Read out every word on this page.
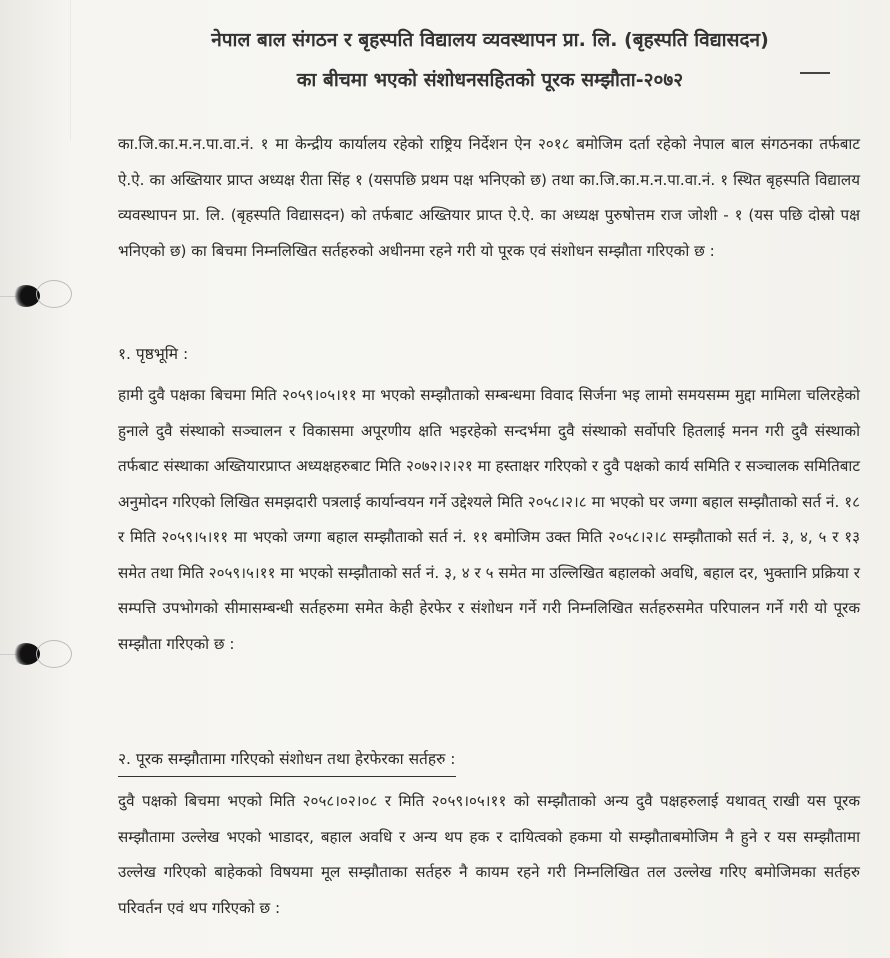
नेपाल बाल संगठन र बृहस्पति विद्यालय व्यवस्थापन प्रा. लि. (बृहस्पति विद्यासदन)
का बीचमा भएको संशोधनसहितको पूरक सम्झौता-२०७२
का.जि.का.म.न.पा.वा.नं. १ मा केन्द्रीय कार्यालय रहेको राष्ट्रिय निर्देशन ऐन २०१८ बमोजिम दर्ता रहेको नेपाल बाल संगठनका तर्फबाट ऐ.ऐ. का अख्तियार प्राप्त अध्यक्ष रीता सिंह १ (यसपछि प्रथम पक्ष भनिएको छ) तथा का.जि.का.म.न.पा.वा.नं. १ स्थित बृहस्पति विद्यालय व्यवस्थापन प्रा. लि. (बृहस्पति विद्यासदन) को तर्फबाट अख्तियार प्राप्त ऐ.ऐ. का अध्यक्ष पुरुषोत्तम राज जोशी - १ (यस पछि दोस्रो पक्ष भनिएको छ) का बिचमा निम्नलिखित सर्तहरुको अधीनमा रहने गरी यो पूरक एवं संशोधन सम्झौता गरिएको छ :
१. पृष्ठभूमि :
हामी दुवै पक्षका बिचमा मिति २०५९।०५।११ मा भएको सम्झौताको सम्बन्धमा विवाद सिर्जना भइ लामो समयसम्म मुद्दा मामिला चलिरहेको हुनाले दुवै संस्थाको सञ्चालन र विकासमा अपूरणीय क्षति भइरहेको सन्दर्भमा दुवै संस्थाको सर्वोपरि हितलाई मनन गरी दुवै संस्थाको तर्फबाट संस्थाका अख्तियारप्राप्त अध्यक्षहरुबाट मिति २०७२।२।२१ मा हस्ताक्षर गरिएको र दुवै पक्षको कार्य समिति र सञ्चालक समितिबाट अनुमोदन गरिएको लिखित समझदारी पत्रलाई कार्यान्वयन गर्ने उद्देश्यले मिति २०५८।२।८ मा भएको घर जग्गा बहाल सम्झौताको सर्त नं. १८ र मिति २०५९।५।११ मा भएको जग्गा बहाल सम्झौताको सर्त नं. ११ बमोजिम उक्त मिति २०५८।२।८ सम्झौताको सर्त नं. ३, ४, ५ र १३ समेत तथा मिति २०५९।५।११ मा भएको सम्झौताको सर्त नं. ३, ४ र ५ समेत मा उल्लिखित बहालको अवधि, बहाल दर, भुक्तानि प्रक्रिया र सम्पत्ति उपभोगको सीमासम्बन्धी सर्तहरुमा समेत केही हेरफेर र संशोधन गर्ने गरी निम्नलिखित सर्तहरुसमेत परिपालन गर्ने गरी यो पूरक सम्झौता गरिएको छ :
२. पूरक सम्झौतामा गरिएको संशोधन तथा हेरफेरका सर्तहरु :
दुवै पक्षको बिचमा भएको मिति २०५८।०२।०८ र मिति २०५९।०५।११ को सम्झौताको अन्य दुवै पक्षहरुलाई यथावत् राखी यस पूरक सम्झौतामा उल्लेख भएको भाडादर, बहाल अवधि र अन्य थप हक र दायित्वको हकमा यो सम्झौताबमोजिम नै हुने र यस सम्झौतामा उल्लेख गरिएको बाहेकको विषयमा मूल सम्झौताका सर्तहरु नै कायम रहने गरी निम्नलिखित तल उल्लेख गरिए बमोजिमका सर्तहरु परिवर्तन एवं थप गरिएको छ :
